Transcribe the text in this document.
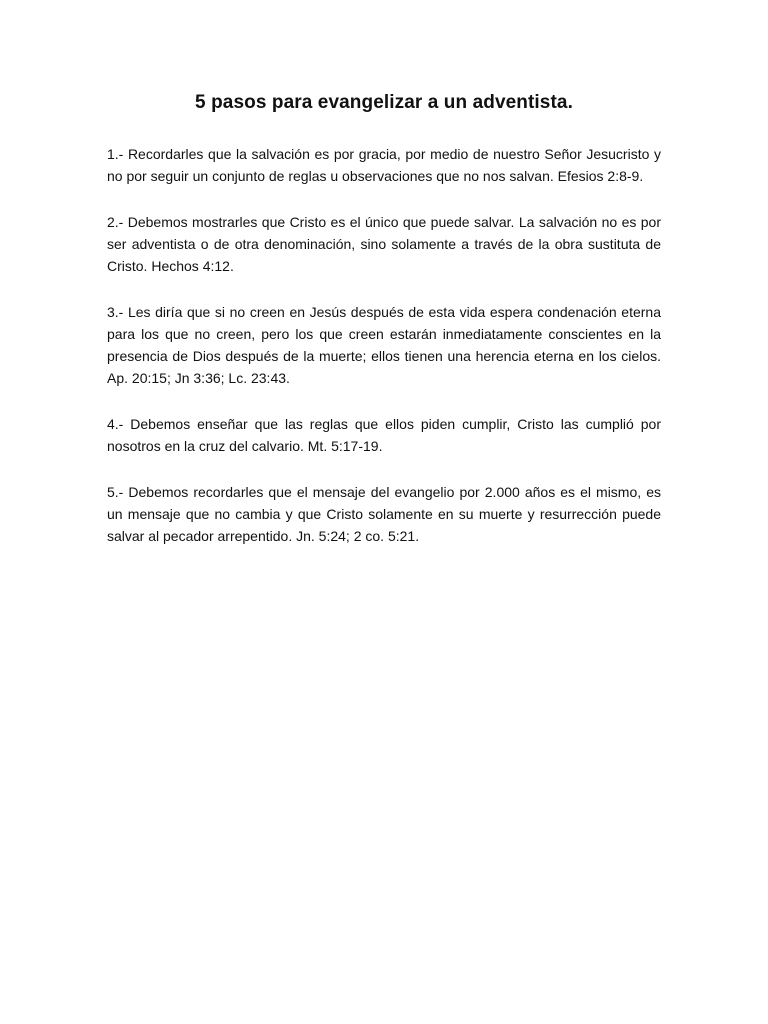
5 pasos para evangelizar a un adventista.

1.- Recordarles que la salvación es por gracia, por medio de nuestro Señor Jesucristo y no por seguir un conjunto de reglas u observaciones que no nos salvan. Efesios 2:8-9.

2.- Debemos mostrarles que Cristo es el único que puede salvar. La salvación no es por ser adventista o de otra denominación, sino solamente a través de la obra sustituta de Cristo. Hechos 4:12.

3.- Les diría que si no creen en Jesús después de esta vida espera condenación eterna para los que no creen, pero los que creen estarán inmediatamente conscientes en la presencia de Dios después de la muerte; ellos tienen una herencia eterna en los cielos. Ap. 20:15; Jn 3:36; Lc. 23:43.

4.- Debemos enseñar que las reglas que ellos piden cumplir, Cristo las cumplió por nosotros en la cruz del calvario. Mt. 5:17-19.

5.- Debemos recordarles que el mensaje del evangelio por 2.000 años es el mismo, es un mensaje que no cambia y que Cristo solamente en su muerte y resurrección puede salvar al pecador arrepentido. Jn. 5:24; 2 co. 5:21.
